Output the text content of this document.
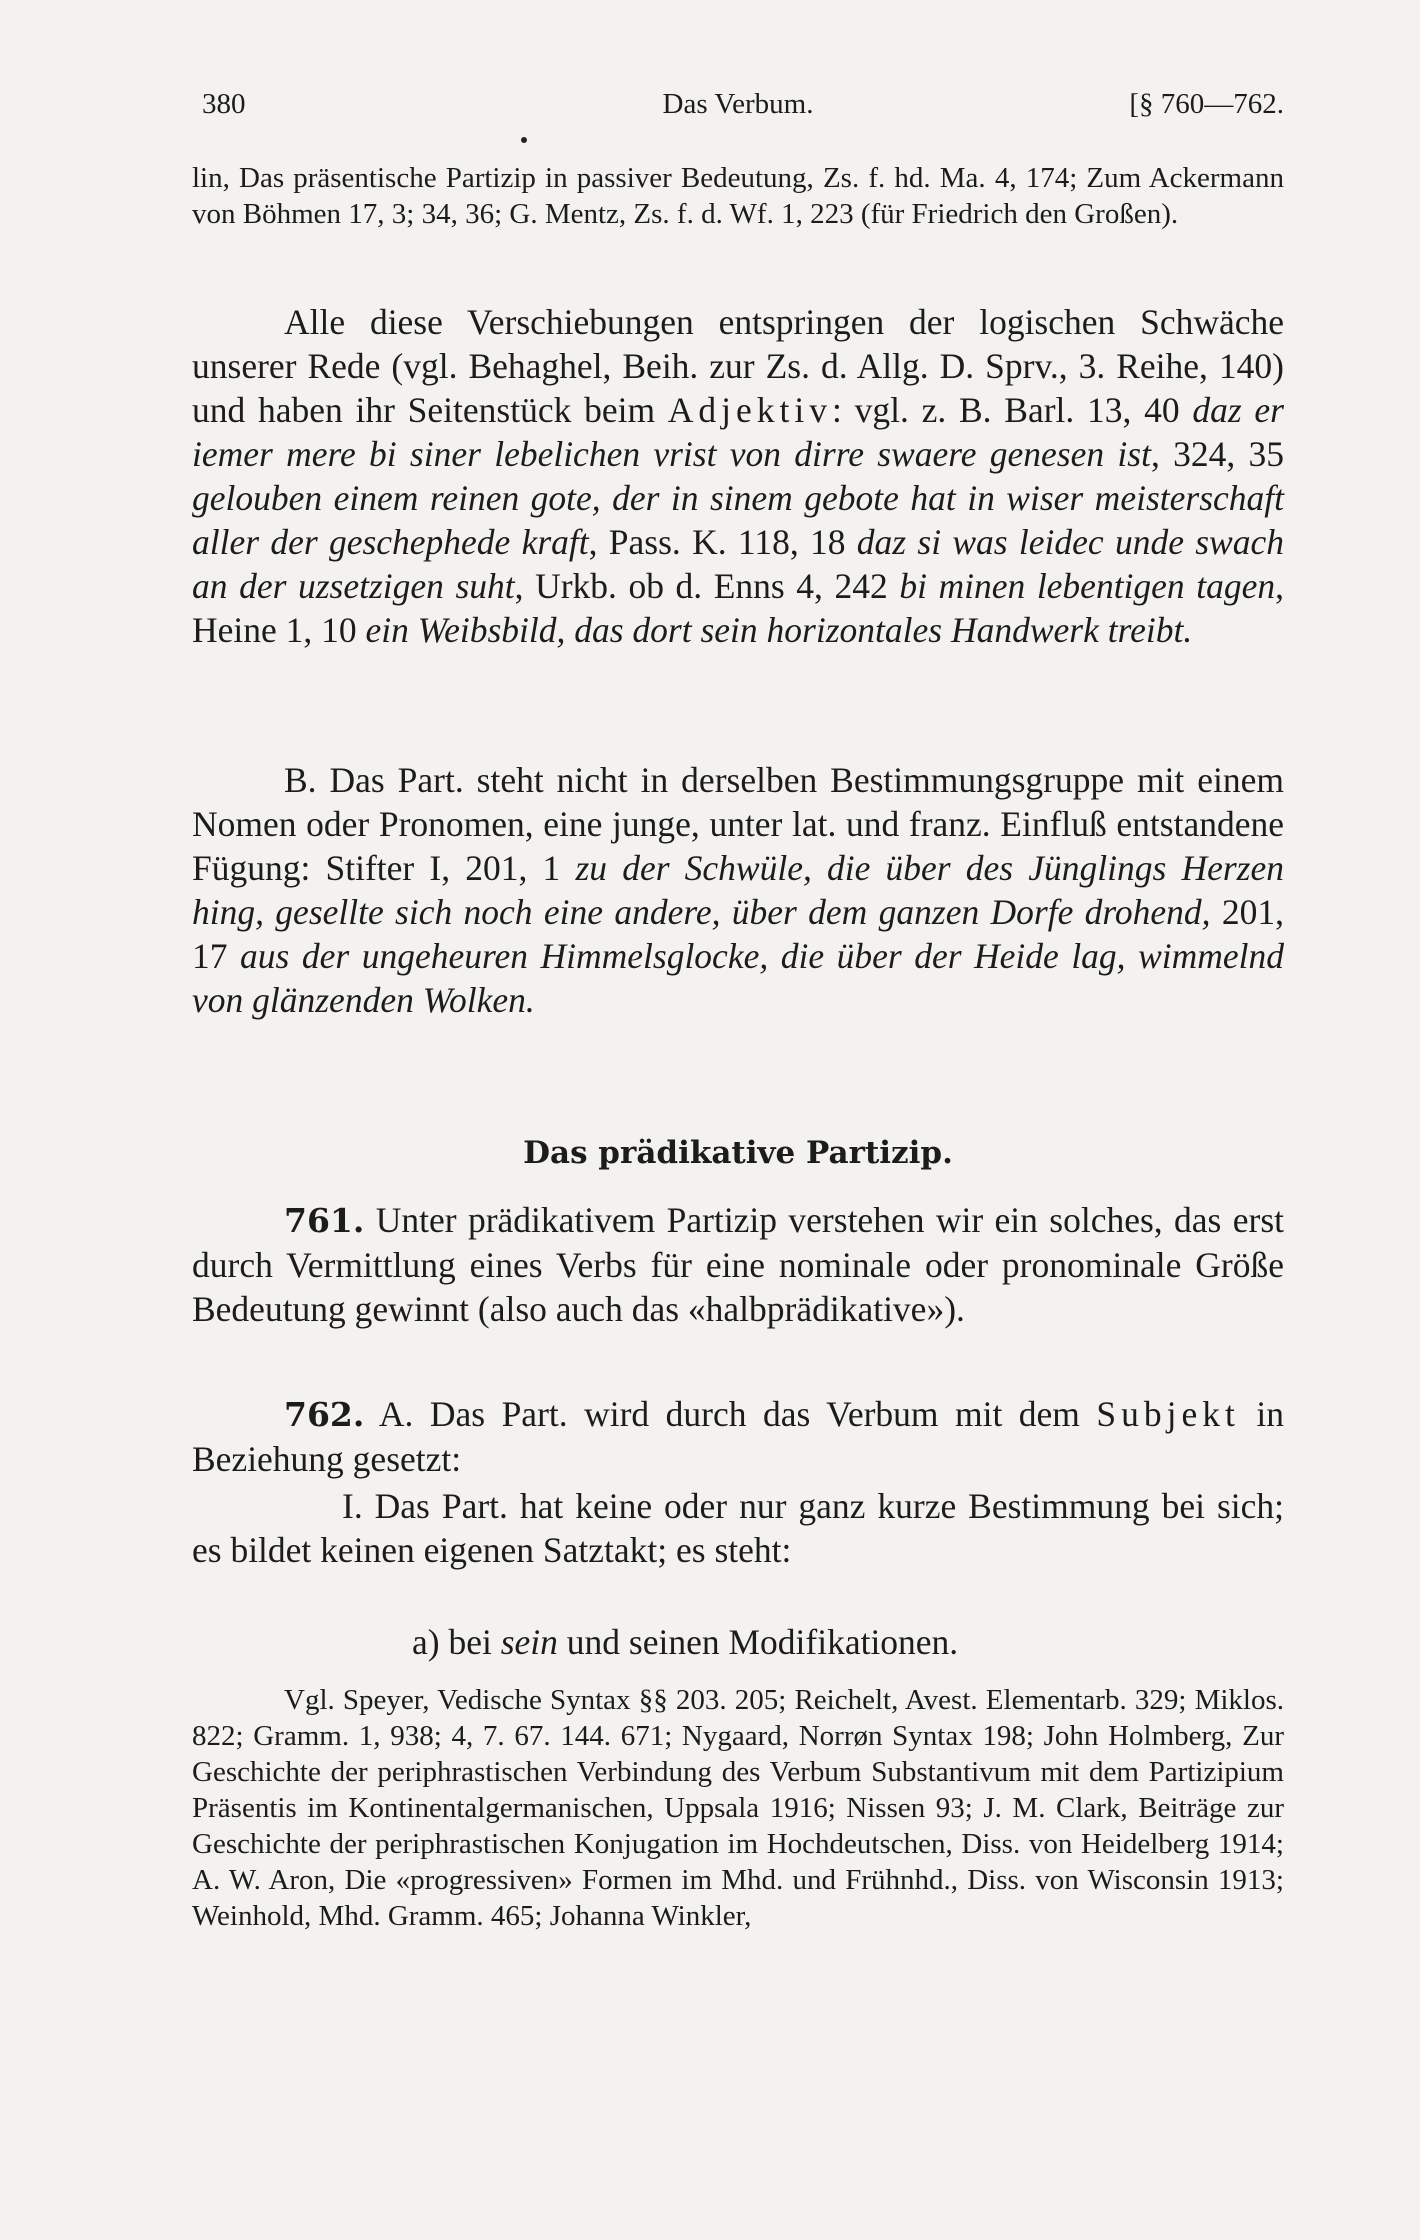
380	Das Verbum.	[§ 760—762.

lin, Das präsentische Partizip in passiver Bedeutung, Zs. f. hd. Ma. 4, 174; Zum Ackermann von Böhmen 17, 3; 34, 36; G. Mentz, Zs. f. d. Wf. 1, 223 (für Friedrich den Großen).

Alle diese Verschiebungen entspringen der logischen Schwäche unserer Rede (vgl. Behaghel, Beih. zur Zs. d. Allg. D. Sprv., 3. Reihe, 140) und haben ihr Seitenstück beim Adjektiv: vgl. z. B. Barl. 13, 40 daz er iemer mere bi siner lebelichen vrist von dirre swaere genesen ist, 324, 35 gelouben einem reinen gote, der in sinem gebote hat in wiser meisterschaft aller der geschephede kraft, Pass. K. 118, 18 daz si was leidec unde swach an der uzsetzigen suht, Urkb. ob d. Enns 4, 242 bi minen lebentigen tagen, Heine 1, 10 ein Weibsbild, das dort sein horizontales Handwerk treibt.

B. Das Part. steht nicht in derselben Bestimmungsgruppe mit einem Nomen oder Pronomen, eine junge, unter lat. und franz. Einfluß entstandene Fügung: Stifter I, 201, 1 zu der Schwüle, die über des Jünglings Herzen hing, gesellte sich noch eine andere, über dem ganzen Dorfe drohend, 201, 17 aus der ungeheuren Himmelsglocke, die über der Heide lag, wimmelnd von glänzenden Wolken.

Das prädikative Partizip.

761. Unter prädikativem Partizip verstehen wir ein solches, das erst durch Vermittlung eines Verbs für eine nominale oder pronominale Größe Bedeutung gewinnt (also auch das «halbprädikative»).

762. A. Das Part. wird durch das Verbum mit dem Subjekt in Beziehung gesetzt:

I. Das Part. hat keine oder nur ganz kurze Bestimmung bei sich; es bildet keinen eigenen Satztakt; es steht:

a) bei sein und seinen Modifikationen.

Vgl. Speyer, Vedische Syntax §§ 203. 205; Reichelt, Avest. Elementarb. 329; Miklos. 822; Gramm. 1, 938; 4, 7. 67. 144. 671; Nygaard, Norrøn Syntax 198; John Holmberg, Zur Geschichte der periphrastischen Verbindung des Verbum Substantivum mit dem Partizipium Präsentis im Kontinentalgermanischen, Uppsala 1916; Nissen 93; J. M. Clark, Beiträge zur Geschichte der periphrastischen Konjugation im Hochdeutschen, Diss. von Heidelberg 1914; A. W. Aron, Die «progressiven» Formen im Mhd. und Frühnhd., Diss. von Wisconsin 1913; Weinhold, Mhd. Gramm. 465; Johanna Winkler,
